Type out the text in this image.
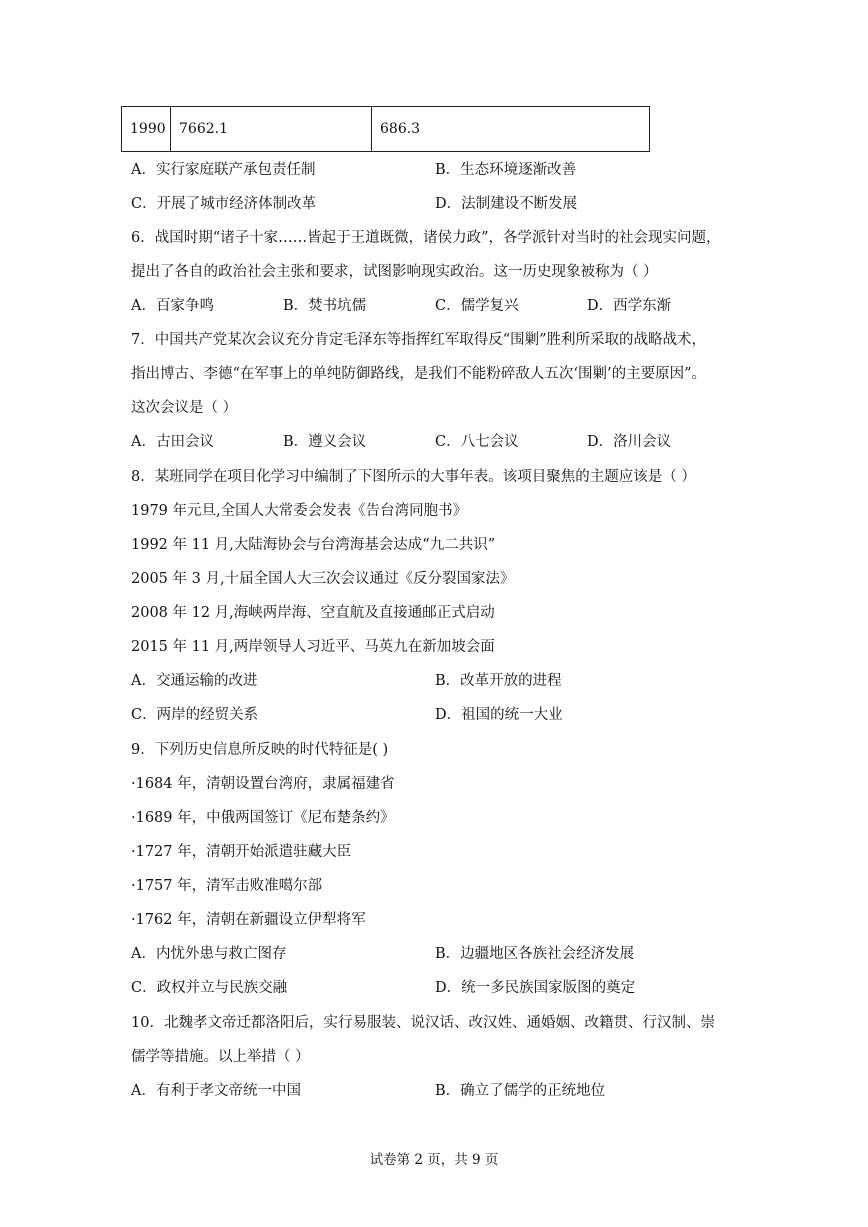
1990	7662.1	686.3
A．实行家庭联产承包责任制	B．生态环境逐渐改善
C．开展了城市经济体制改革	D．法制建设不断发展
6．战国时期“诸子十家……皆起于王道既微，诸侯力政”，各学派针对当时的社会现实问题，
提出了各自的政治社会主张和要求，试图影响现实政治。这一历史现象被称为（ ）
A．百家争鸣	B．焚书坑儒	C．儒学复兴	D．西学东渐
7．中国共产党某次会议充分肯定毛泽东等指挥红军取得反“围剿”胜利所采取的战略战术，
指出博古、李德“在军事上的单纯防御路线，是我们不能粉碎敌人五次‘围剿’的主要原因”。
这次会议是（ ）
A．古田会议	B．遵义会议	C．八七会议	D．洛川会议
8．某班同学在项目化学习中编制了下图所示的大事年表。该项目聚焦的主题应该是（ ）
1979 年元旦,全国人大常委会发表《告台湾同胞书》
1992 年 11 月,大陆海协会与台湾海基会达成“九二共识”
2005 年 3 月,十届全国人大三次会议通过《反分裂国家法》
2008 年 12 月,海峡两岸海、空直航及直接通邮正式启动
2015 年 11 月,两岸领导人习近平、马英九在新加坡会面
A．交通运输的改进	B．改革开放的进程
C．两岸的经贸关系	D．祖国的统一大业
9．下列历史信息所反映的时代特征是( )
·1684 年，清朝设置台湾府，隶属福建省
·1689 年，中俄两国签订《尼布楚条约》
·1727 年，清朝开始派遣驻藏大臣
·1757 年，清军击败准噶尔部
·1762 年，清朝在新疆设立伊犁将军
A．内忧外患与救亡图存	B．边疆地区各族社会经济发展
C．政权并立与民族交融	D．统一多民族国家版图的奠定
10．北魏孝文帝迁都洛阳后，实行易服装、说汉话、改汉姓、通婚姻、改籍贯、行汉制、崇
儒学等措施。以上举措（ ）
A．有利于孝文帝统一中国	B．确立了儒学的正统地位
试卷第 2 页，共 9 页
